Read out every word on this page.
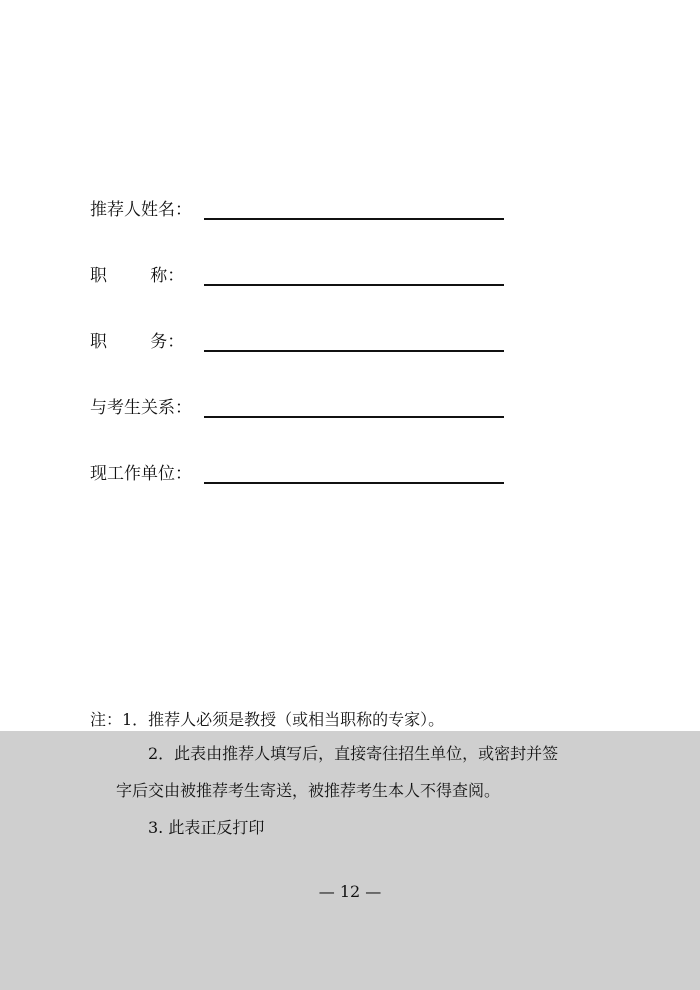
推荐人姓名：
职        称：
职        务：
与考生关系：
现工作单位：
注：1．推荐人必须是教授（或相当职称的专家）。
2．此表由推荐人填写后，直接寄往招生单位，或密封并签
字后交由被推荐考生寄送，被推荐考生本人不得查阅。
3. 此表正反打印
— 12 —
